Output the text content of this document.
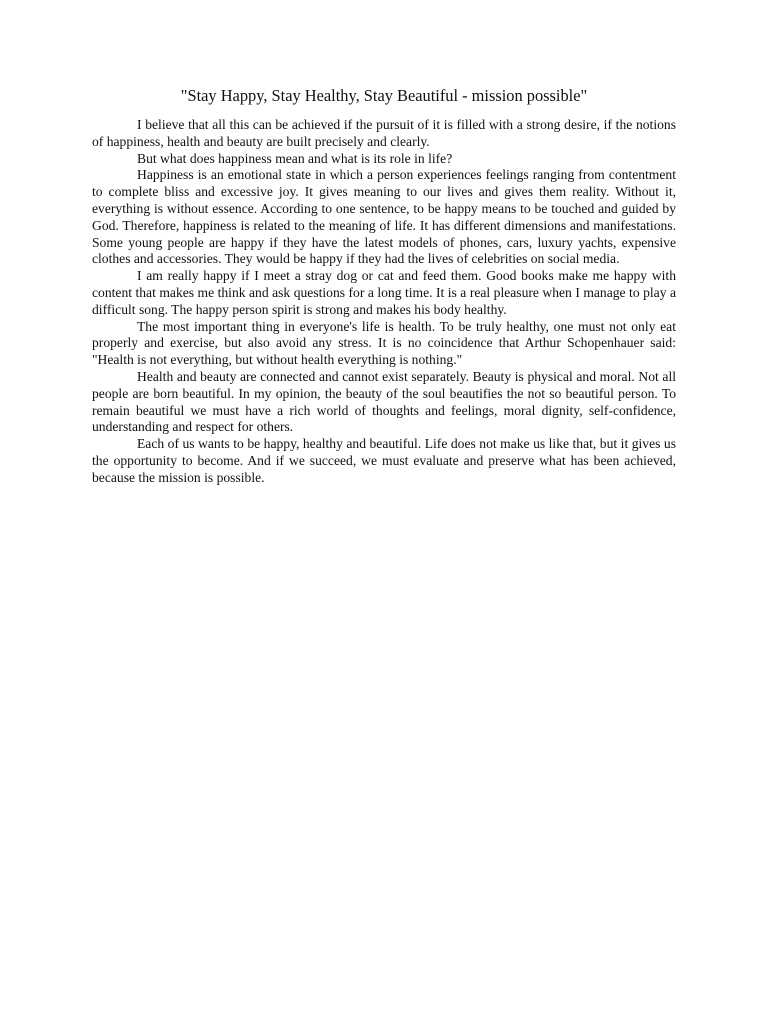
"Stay Happy, Stay Healthy, Stay Beautiful - mission possible"

I believe that all this can be achieved if the pursuit of it is filled with a strong desire, if the notions of happiness, health and beauty are built precisely and clearly.

But what does happiness mean and what is its role in life?

Happiness is an emotional state in which a person experiences feelings ranging from contentment to complete bliss and excessive joy. It gives meaning to our lives and gives them reality. Without it, everything is without essence. According to one sentence, to be happy means to be touched and guided by God. Therefore, happiness is related to the meaning of life. It has different dimensions and manifestations. Some young people are happy if they have the latest models of phones, cars, luxury yachts, expensive clothes and accessories. They would be happy if they had the lives of celebrities on social media.

I am really happy if I meet a stray dog or cat and feed them. Good books make me happy with content that makes me think and ask questions for a long time. It is a real pleasure when I manage to play a difficult song. The happy person spirit is strong and makes his body healthy.

The most important thing in everyone's life is health. To be truly healthy, one must not only eat properly and exercise, but also avoid any stress. It is no coincidence that Arthur Schopenhauer said: "Health is not everything, but without health everything is nothing."

Health and beauty are connected and cannot exist separately. Beauty is physical and moral. Not all people are born beautiful. In my opinion, the beauty of the soul beautifies the not so beautiful person. To remain beautiful we must have a rich world of thoughts and feelings, moral dignity, self-confidence, understanding and respect for others.

Each of us wants to be happy, healthy and beautiful. Life does not make us like that, but it gives us the opportunity to become. And if we succeed, we must evaluate and preserve what has been achieved, because the mission is possible.
